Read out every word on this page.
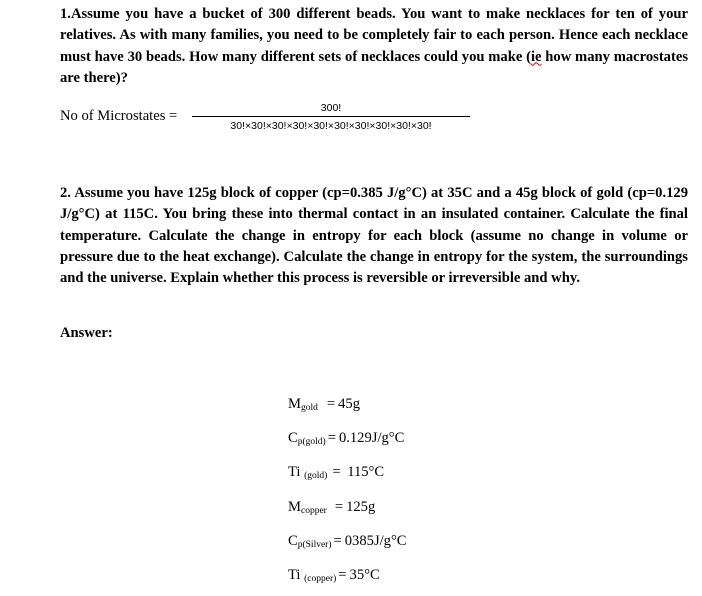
1.Assume you have a bucket of 300 different beads. You want to make necklaces for ten of your relatives. As with many families, you need to be completely fair to each person. Hence each necklace must have 30 beads. How many different sets of necklaces could you make (ie how many macrostates are there)?

No of Microstates =	300!
30!×30!×30!×30!×30!×30!×30!×30!×30!×30!

2. Assume you have 125g block of copper (cp=0.385 J/g°C) at 35C and a 45g block of gold (cp=0.129 J/g°C) at 115C. You bring these into thermal contact in an insulated container. Calculate the final temperature. Calculate the change in entropy for each block (assume no change in volume or pressure due to the heat exchange). Calculate the change in entropy for the system, the surroundings and the universe. Explain whether this process is reversible or irreversible and why.

Answer:
$M_{gold} = 45g$
$C_{p(gold)} = 0.129J/g^\circ C$
Ti $_{(gold)}$ = 115°C
$M_{copper} = 125g$
$C_{p(Silver)} = 0385J/g^\circ C$
Ti $_{(copper)}$ = 35°C
